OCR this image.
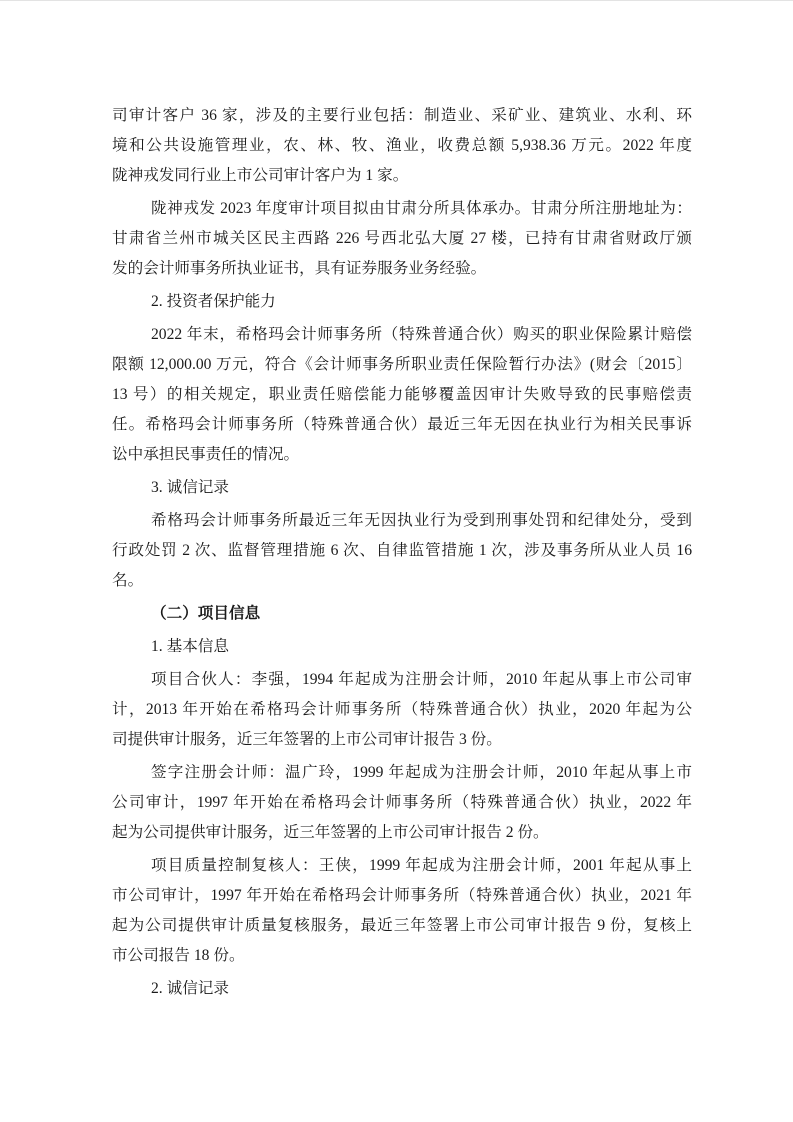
司审计客户 36 家，涉及的主要行业包括：制造业、采矿业、建筑业、水利、环
境和公共设施管理业，农、林、牧、渔业，收费总额 5,938.36 万元。2022 年度
陇神戎发同行业上市公司审计客户为 1 家。
陇神戎发 2023 年度审计项目拟由甘肃分所具体承办。甘肃分所注册地址为：
甘肃省兰州市城关区民主西路 226 号西北弘大厦 27 楼，已持有甘肃省财政厅颁
发的会计师事务所执业证书，具有证券服务业务经验。
2. 投资者保护能力
2022 年末，希格玛会计师事务所（特殊普通合伙）购买的职业保险累计赔偿
限额 12,000.00 万元，符合《会计师事务所职业责任保险暂行办法》(财会〔2015〕
13 号）的相关规定，职业责任赔偿能力能够覆盖因审计失败导致的民事赔偿责
任。希格玛会计师事务所（特殊普通合伙）最近三年无因在执业行为相关民事诉
讼中承担民事责任的情况。
3. 诚信记录
希格玛会计师事务所最近三年无因执业行为受到刑事处罚和纪律处分，受到
行政处罚 2 次、监督管理措施 6 次、自律监管措施 1 次，涉及事务所从业人员 16
名。
（二）项目信息
1. 基本信息
项目合伙人：李强，1994 年起成为注册会计师，2010 年起从事上市公司审
计，2013 年开始在希格玛会计师事务所（特殊普通合伙）执业，2020 年起为公
司提供审计服务，近三年签署的上市公司审计报告 3 份。
签字注册会计师：温广玲，1999 年起成为注册会计师，2010 年起从事上市
公司审计，1997 年开始在希格玛会计师事务所（特殊普通合伙）执业，2022 年
起为公司提供审计服务，近三年签署的上市公司审计报告 2 份。
项目质量控制复核人：王侠，1999 年起成为注册会计师，2001 年起从事上
市公司审计，1997 年开始在希格玛会计师事务所（特殊普通合伙）执业，2021 年
起为公司提供审计质量复核服务，最近三年签署上市公司审计报告 9 份，复核上
市公司报告 18 份。
2. 诚信记录
